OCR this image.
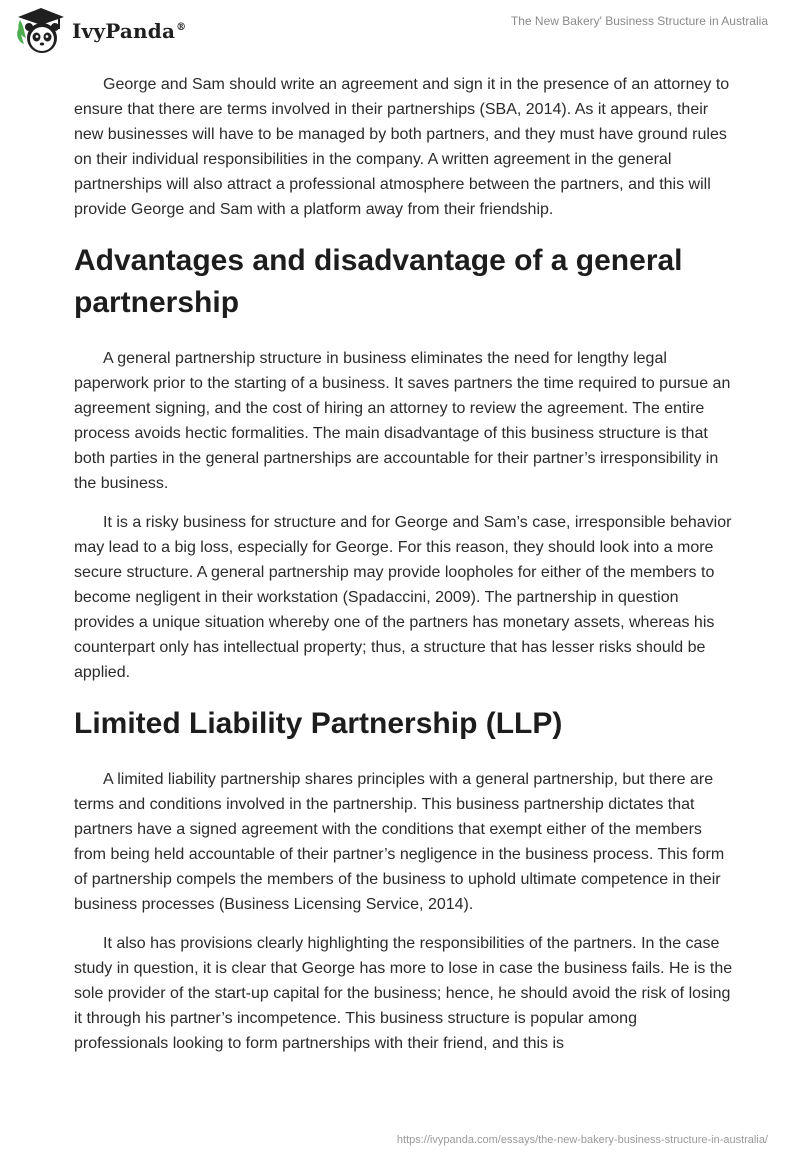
IvyPanda®	The New Bakery' Business Structure in Australia

George and Sam should write an agreement and sign it in the presence of an attorney to ensure that there are terms involved in their partnerships (SBA, 2014). As it appears, their new businesses will have to be managed by both partners, and they must have ground rules on their individual responsibilities in the company. A written agreement in the general partnerships will also attract a professional atmosphere between the partners, and this will provide George and Sam with a platform away from their friendship.

Advantages and disadvantage of a general partnership

A general partnership structure in business eliminates the need for lengthy legal paperwork prior to the starting of a business. It saves partners the time required to pursue an agreement signing, and the cost of hiring an attorney to review the agreement. The entire process avoids hectic formalities. The main disadvantage of this business structure is that both parties in the general partnerships are accountable for their partner’s irresponsibility in the business.

It is a risky business for structure and for George and Sam’s case, irresponsible behavior may lead to a big loss, especially for George. For this reason, they should look into a more secure structure. A general partnership may provide loopholes for either of the members to become negligent in their workstation (Spadaccini, 2009). The partnership in question provides a unique situation whereby one of the partners has monetary assets, whereas his counterpart only has intellectual property; thus, a structure that has lesser risks should be applied.

Limited Liability Partnership (LLP)

A limited liability partnership shares principles with a general partnership, but there are terms and conditions involved in the partnership. This business partnership dictates that partners have a signed agreement with the conditions that exempt either of the members from being held accountable of their partner’s negligence in the business process. This form of partnership compels the members of the business to uphold ultimate competence in their business processes (Business Licensing Service, 2014).

It also has provisions clearly highlighting the responsibilities of the partners. In the case study in question, it is clear that George has more to lose in case the business fails. He is the sole provider of the start-up capital for the business; hence, he should avoid the risk of losing it through his partner’s incompetence. This business structure is popular among professionals looking to form partnerships with their friend, and this is

https://ivypanda.com/essays/the-new-bakery-business-structure-in-australia/
